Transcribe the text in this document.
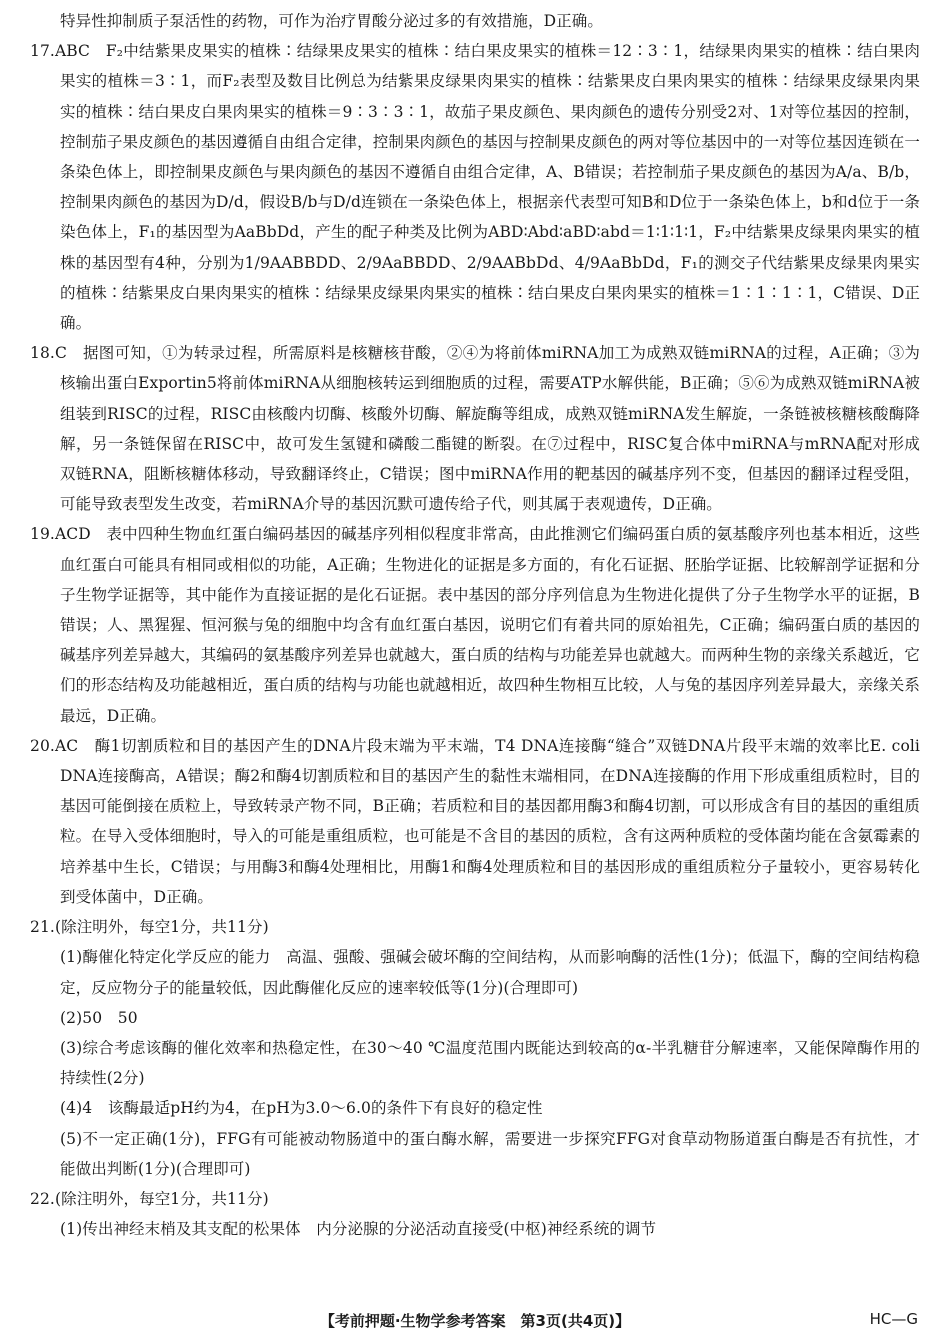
特异性抑制质子泵活性的药物，可作为治疗胃酸分泌过多的有效措施，D正确。

17.ABC　F₂中结紫果皮果实的植株∶结绿果皮果实的植株∶结白果皮果实的植株＝12∶3∶1，结绿果肉果实的植株∶结白果肉果实的植株＝3∶1，而F₂表型及数目比例总为结紫果皮绿果肉果实的植株∶结紫果皮白果肉果实的植株∶结绿果皮绿果肉果实的植株∶结白果皮白果肉果实的植株＝9∶3∶3∶1，故茄子果皮颜色、果肉颜色的遗传分别受2对、1对等位基因的控制，控制茄子果皮颜色的基因遵循自由组合定律，控制果肉颜色的基因与控制果皮颜色的两对等位基因中的一对等位基因连锁在一条染色体上，即控制果皮颜色与果肉颜色的基因不遵循自由组合定律，A、B错误；若控制茄子果皮颜色的基因为A/a、B/b，控制果肉颜色的基因为D/d，假设B/b与D/d连锁在一条染色体上，根据亲代表型可知B和D位于一条染色体上，b和d位于一条染色体上，F₁的基因型为AaBbDd，产生的配子种类及比例为ABD∶Abd∶aBD∶abd＝1∶1∶1∶1，F₂中结紫果皮绿果肉果实的植株的基因型有4种，分别为1/9AABBDD、2/9AaBBDD、2/9AABbDd、4/9AaBbDd，F₁的测交子代结紫果皮绿果肉果实的植株∶结紫果皮白果肉果实的植株∶结绿果皮绿果肉果实的植株∶结白果皮白果肉果实的植株＝1∶1∶1∶1，C错误、D正确。

18.C　据图可知，①为转录过程，所需原料是核糖核苷酸，②④为将前体miRNA加工为成熟双链miRNA的过程，A正确；③为核输出蛋白Exportin5将前体miRNA从细胞核转运到细胞质的过程，需要ATP水解供能，B正确；⑤⑥为成熟双链miRNA被组装到RISC的过程，RISC由核酸内切酶、核酸外切酶、解旋酶等组成，成熟双链miRNA发生解旋，一条链被核糖核酸酶降解，另一条链保留在RISC中，故可发生氢键和磷酸二酯键的断裂。在⑦过程中，RISC复合体中miRNA与mRNA配对形成双链RNA，阻断核糖体移动，导致翻译终止，C错误；图中miRNA作用的靶基因的碱基序列不变，但基因的翻译过程受阻，可能导致表型发生改变，若miRNA介导的基因沉默可遗传给子代，则其属于表观遗传，D正确。

19.ACD　表中四种生物血红蛋白编码基因的碱基序列相似程度非常高，由此推测它们编码蛋白质的氨基酸序列也基本相近，这些血红蛋白可能具有相同或相似的功能，A正确；生物进化的证据是多方面的，有化石证据、胚胎学证据、比较解剖学证据和分子生物学证据等，其中能作为直接证据的是化石证据。表中基因的部分序列信息为生物进化提供了分子生物学水平的证据，B错误；人、黑猩猩、恒河猴与兔的细胞中均含有血红蛋白基因，说明它们有着共同的原始祖先，C正确；编码蛋白质的基因的碱基序列差异越大，其编码的氨基酸序列差异也就越大，蛋白质的结构与功能差异也就越大。而两种生物的亲缘关系越近，它们的形态结构及功能越相近，蛋白质的结构与功能也就越相近，故四种生物相互比较，人与兔的基因序列差异最大，亲缘关系最远，D正确。

20.AC　酶1切割质粒和目的基因产生的DNA片段末端为平末端，T4 DNA连接酶“缝合”双链DNA片段平末端的效率比E. coli DNA连接酶高，A错误；酶2和酶4切割质粒和目的基因产生的黏性末端相同，在DNA连接酶的作用下形成重组质粒时，目的基因可能倒接在质粒上，导致转录产物不同，B正确；若质粒和目的基因都用酶3和酶4切割，可以形成含有目的基因的重组质粒。在导入受体细胞时，导入的可能是重组质粒，也可能是不含目的基因的质粒，含有这两种质粒的受体菌均能在含氨霉素的培养基中生长，C错误；与用酶3和酶4处理相比，用酶1和酶4处理质粒和目的基因形成的重组质粒分子量较小，更容易转化到受体菌中，D正确。

21.(除注明外，每空1分，共11分)

(1)酶催化特定化学反应的能力　高温、强酸、强碱会破坏酶的空间结构，从而影响酶的活性(1分)；低温下，酶的空间结构稳定，反应物分子的能量较低，因此酶催化反应的速率较低等(1分)(合理即可)

(2)50　50

(3)综合考虑该酶的催化效率和热稳定性，在30～40 ℃温度范围内既能达到较高的α-半乳糖苷分解速率，又能保障酶作用的持续性(2分)

(4)4　该酶最适pH约为4，在pH为3.0～6.0的条件下有良好的稳定性

(5)不一定正确(1分)，FFG有可能被动物肠道中的蛋白酶水解，需要进一步探究FFG对食草动物肠道蛋白酶是否有抗性，才能做出判断(1分)(合理即可)

22.(除注明外，每空1分，共11分)

(1)传出神经末梢及其支配的松果体　内分泌腺的分泌活动直接受(中枢)神经系统的调节

【考前押题·生物学参考答案　第3页(共4页)】	HC—G
